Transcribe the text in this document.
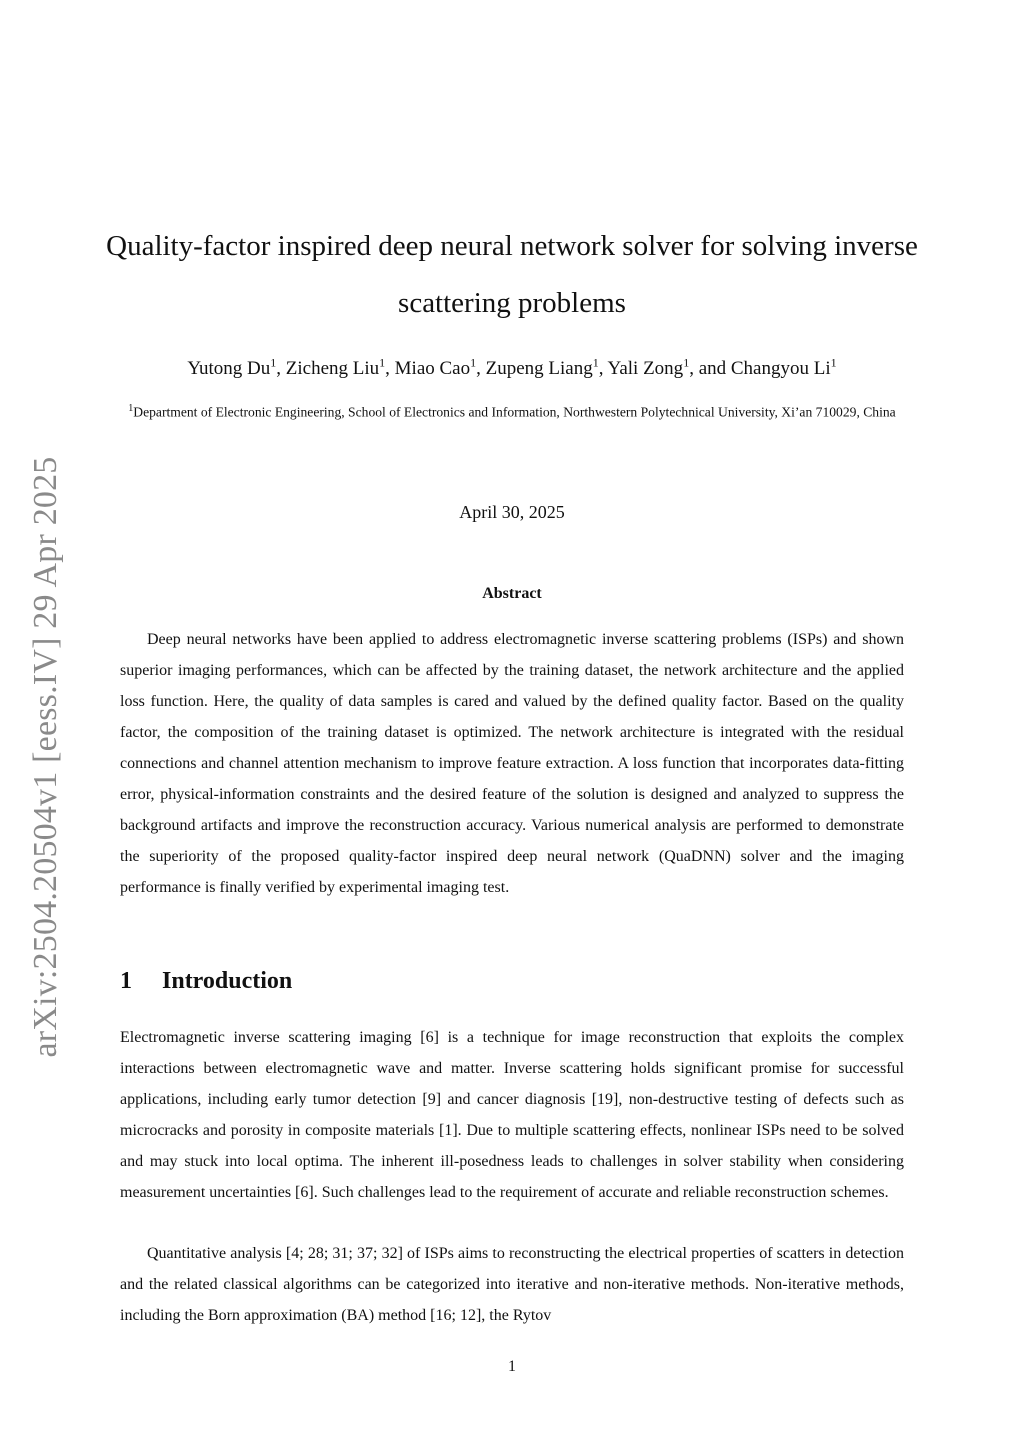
arXiv:2504.20504v1 [eess.IV] 29 Apr 2025
Quality-factor inspired deep neural network solver for solving inverse scattering problems
Yutong Du$^1$, Zicheng Liu$^1$, Miao Cao$^1$, Zupeng Liang$^1$, Yali Zong$^1$, and Changyou Li$^1$
$^1$Department of Electronic Engineering, School of Electronics and Information, Northwestern Polytechnical University, Xi’an 710029, China
April 30, 2025
Abstract

Deep neural networks have been applied to address electromagnetic inverse scattering problems (ISPs) and shown superior imaging performances, which can be affected by the training dataset, the network architecture and the applied loss function. Here, the quality of data samples is cared and valued by the defined quality factor. Based on the quality factor, the composition of the training dataset is optimized. The network architecture is integrated with the residual connections and channel attention mechanism to improve feature extraction. A loss function that incorporates data-fitting error, physical-information constraints and the desired feature of the solution is designed and analyzed to suppress the background artifacts and improve the reconstruction accuracy. Various numerical analysis are performed to demonstrate the superiority of the proposed quality-factor inspired deep neural network (QuaDNN) solver and the imaging performance is finally verified by experimental imaging test.

1 Introduction

Electromagnetic inverse scattering imaging [6] is a technique for image reconstruction that exploits the complex interactions between electromagnetic wave and matter. Inverse scattering holds significant promise for successful applications, including early tumor detection [9] and cancer diagnosis [19], non-destructive testing of defects such as microcracks and porosity in composite materials [1]. Due to multiple scattering effects, nonlinear ISPs need to be solved and may stuck into local optima. The inherent ill-posedness leads to challenges in solver stability when considering measurement uncertainties [6]. Such challenges lead to the requirement of accurate and reliable reconstruction schemes.

Quantitative analysis [4; 28; 31; 37; 32] of ISPs aims to reconstructing the electrical properties of scatters in detection and the related classical algorithms can be categorized into iterative and non-iterative methods. Non-iterative methods, including the Born approximation (BA) method [16; 12], the Rytov

1
